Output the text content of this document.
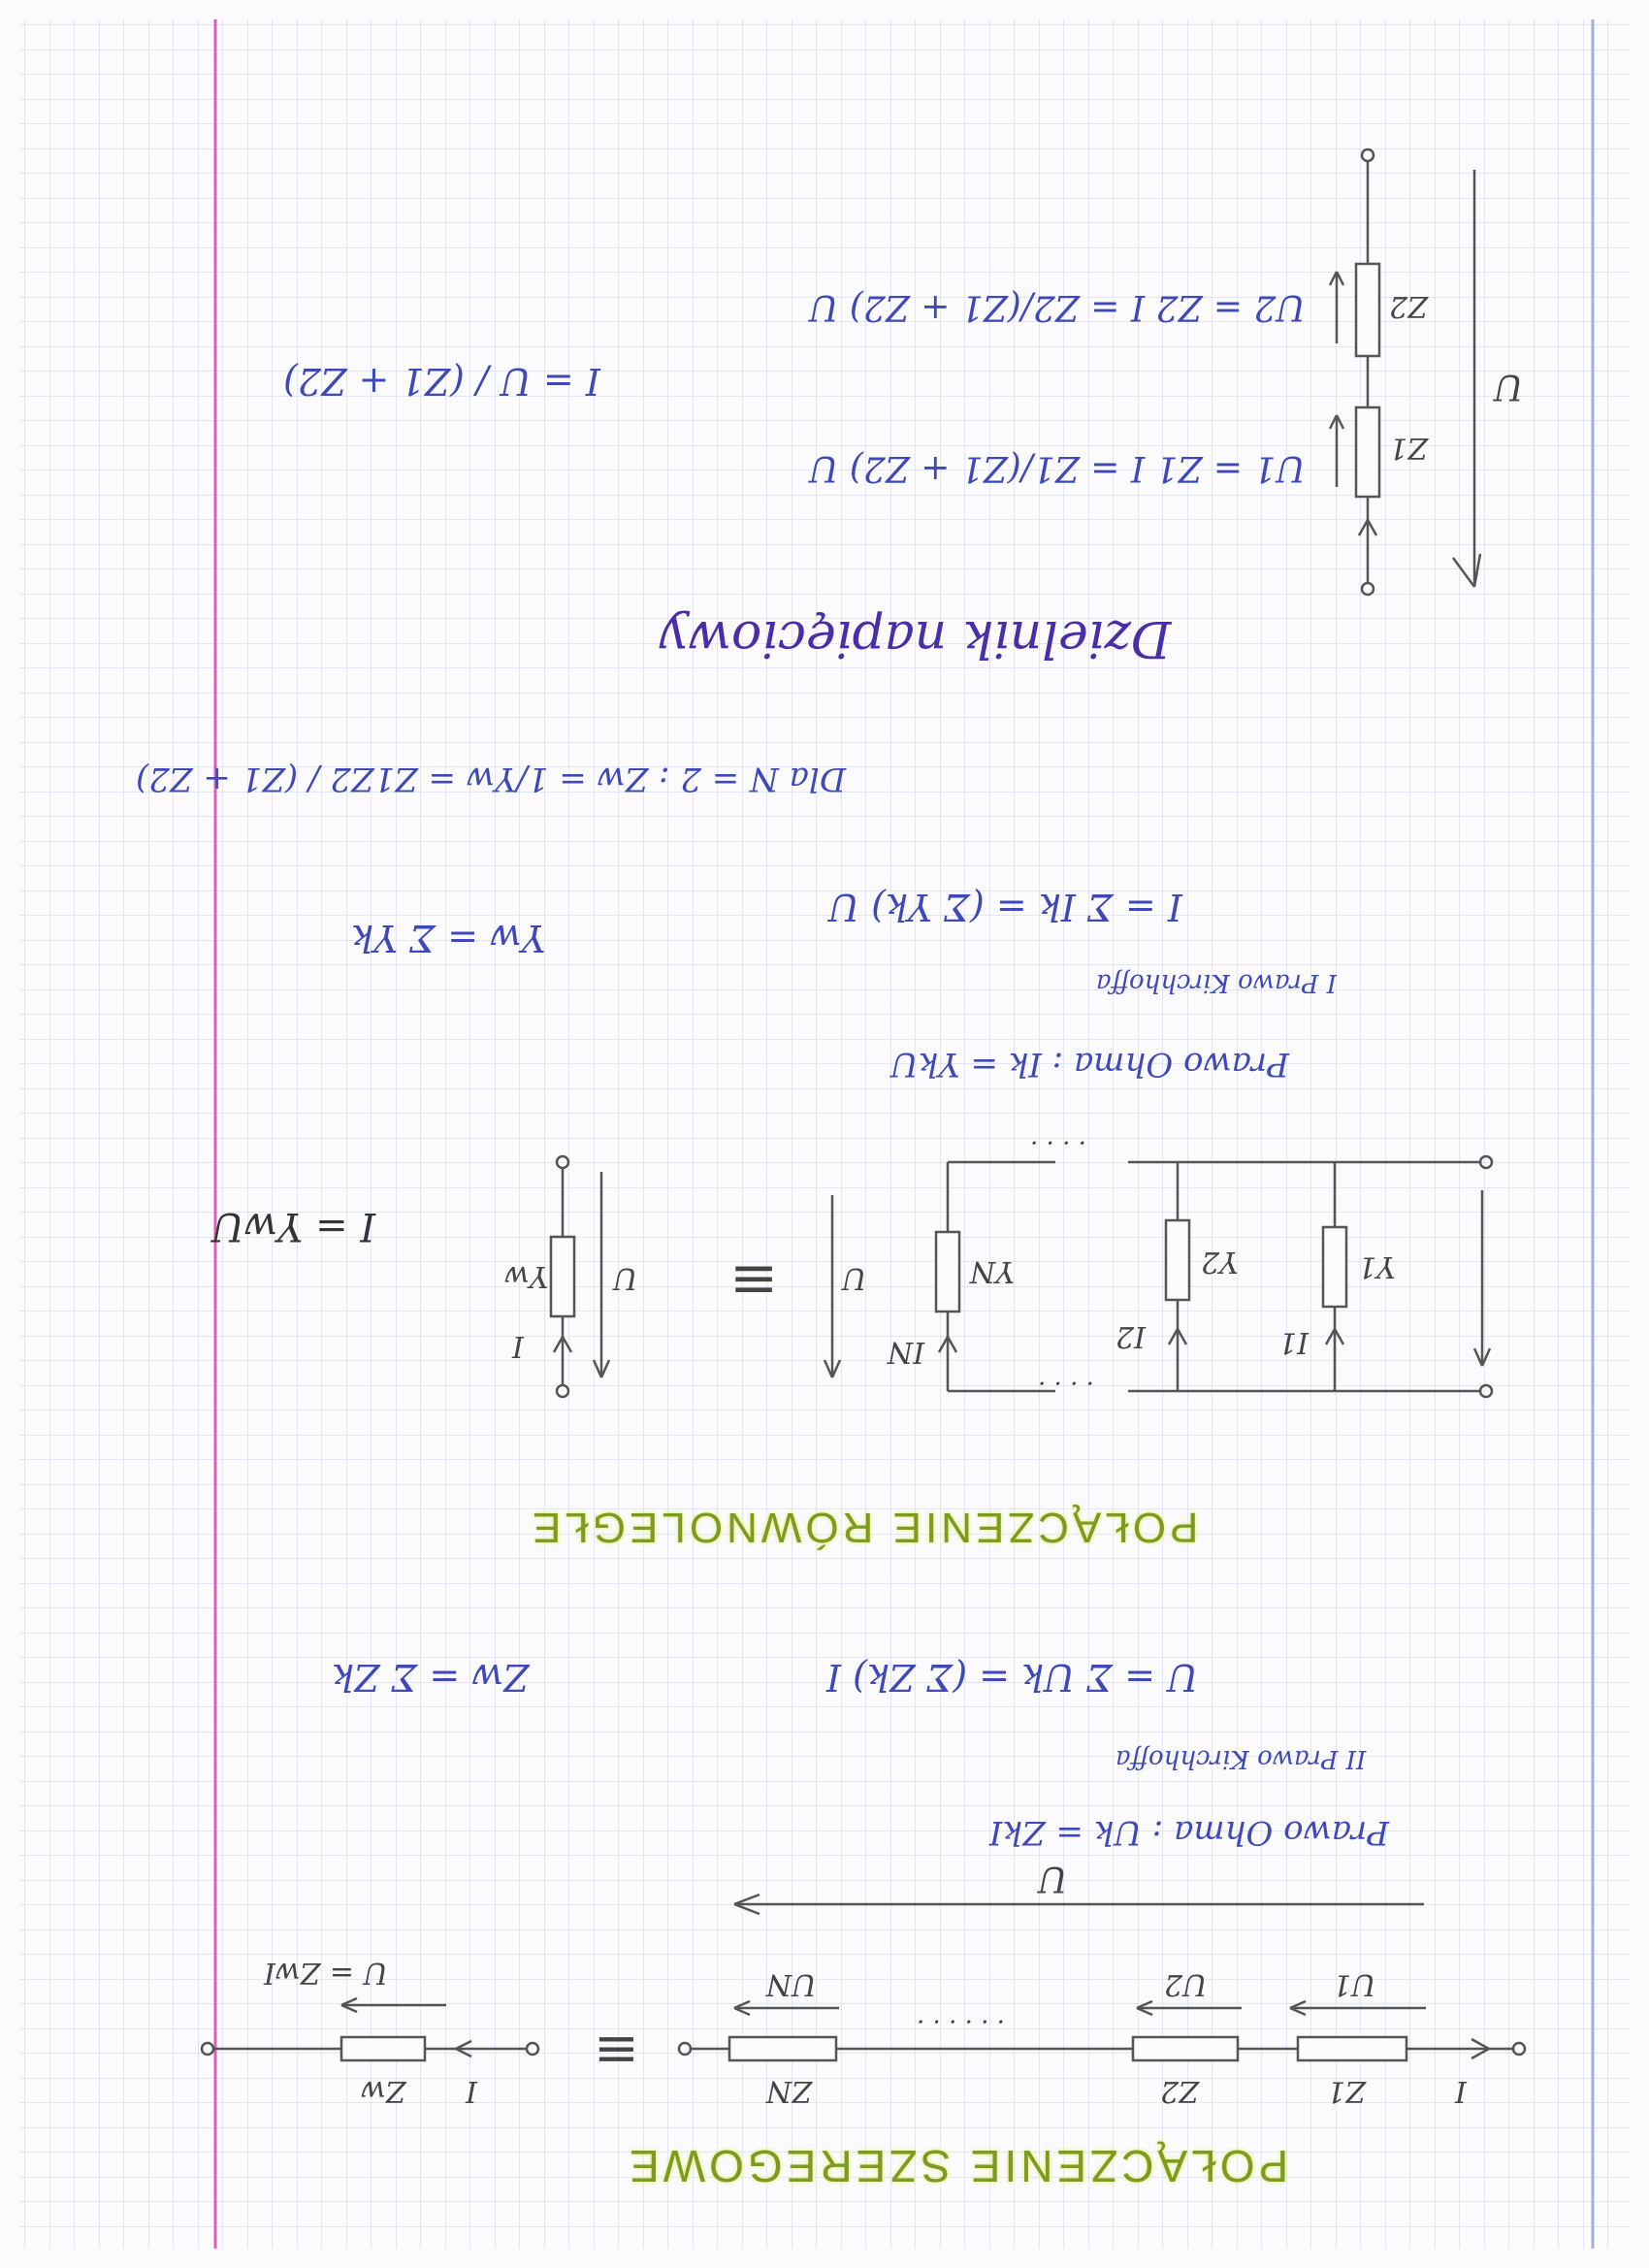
POŁĄCZENIE SZEREGOWE
Z1
Z2
ZN	I
U1
U2
UN
. . . . . .
U
≡
Zw I
U = ZwI
Prawo Ohma : Uk = ZkI
II Prawo Kirchhoffa
U = Σ Uk = (Σ Zk) I
Zw = Σ Zk
POŁĄCZENIE RÓWNOLEGŁE
Y1
Y2
YN
I1
I2
IN
U
. . . .
. . . .
≡
Yw
I
U
I = YwU
Prawo Ohma : Ik = YkU
I Prawo Kirchhoffa
I = Σ Ik = (Σ Yk) U
Yw = Σ Yk
Dla N = 2 : Zw = 1/Yw = Z1Z2 / (Z1 + Z2)
Dzielnik napięciowy
I = U / (Z1 + Z2)
U2 = Z2 I = Z2/(Z1 + Z2) U
U1 = Z1 I = Z1/(Z1 + Z2) U
Z2
Z1
U
